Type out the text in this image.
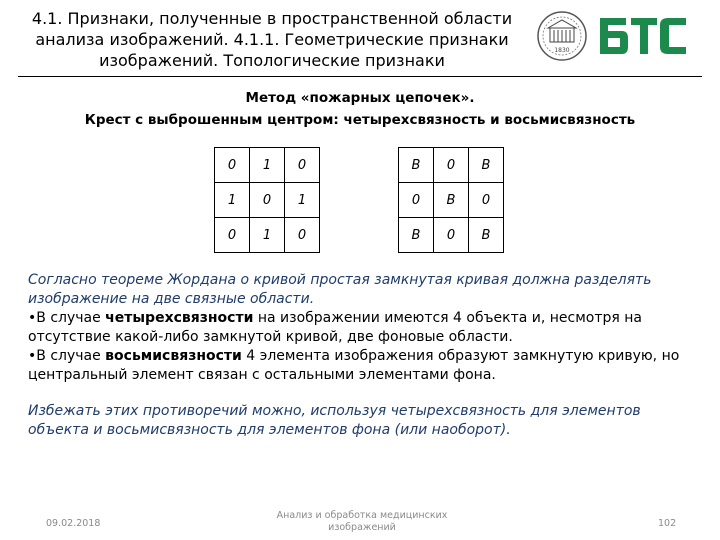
4.1. Признаки, полученные в пространственной области анализа изображений. 4.1.1. Геометрические признаки изображений. Топологические признаки
1830
Метод «пожарных цепочек».
Крест с выброшенным центром: четырехсвязность и восьмисвязность
0	1	0
1	0	1
0	1	0
B	0	B
0	B	0
B	0	B

Согласно теореме Жордана о кривой простая замкнутая кривая должна разделять изображение на две связные области.

•В случае четырехсвязности на изображении имеются 4 объекта и, несмотря на отсутствие какой-либо замкнутой кривой, две фоновые области.

•В случае восьмисвязности 4 элемента изображения образуют замкнутую кривую, но центральный элемент связан с остальными элементами фона.

Избежать этих противоречий можно, используя четырехсвязность для элементов объекта и восьмисвязность для элементов фона (или наоборот).

09.02.2018
Анализ и обработка медицинских
изображений	102
